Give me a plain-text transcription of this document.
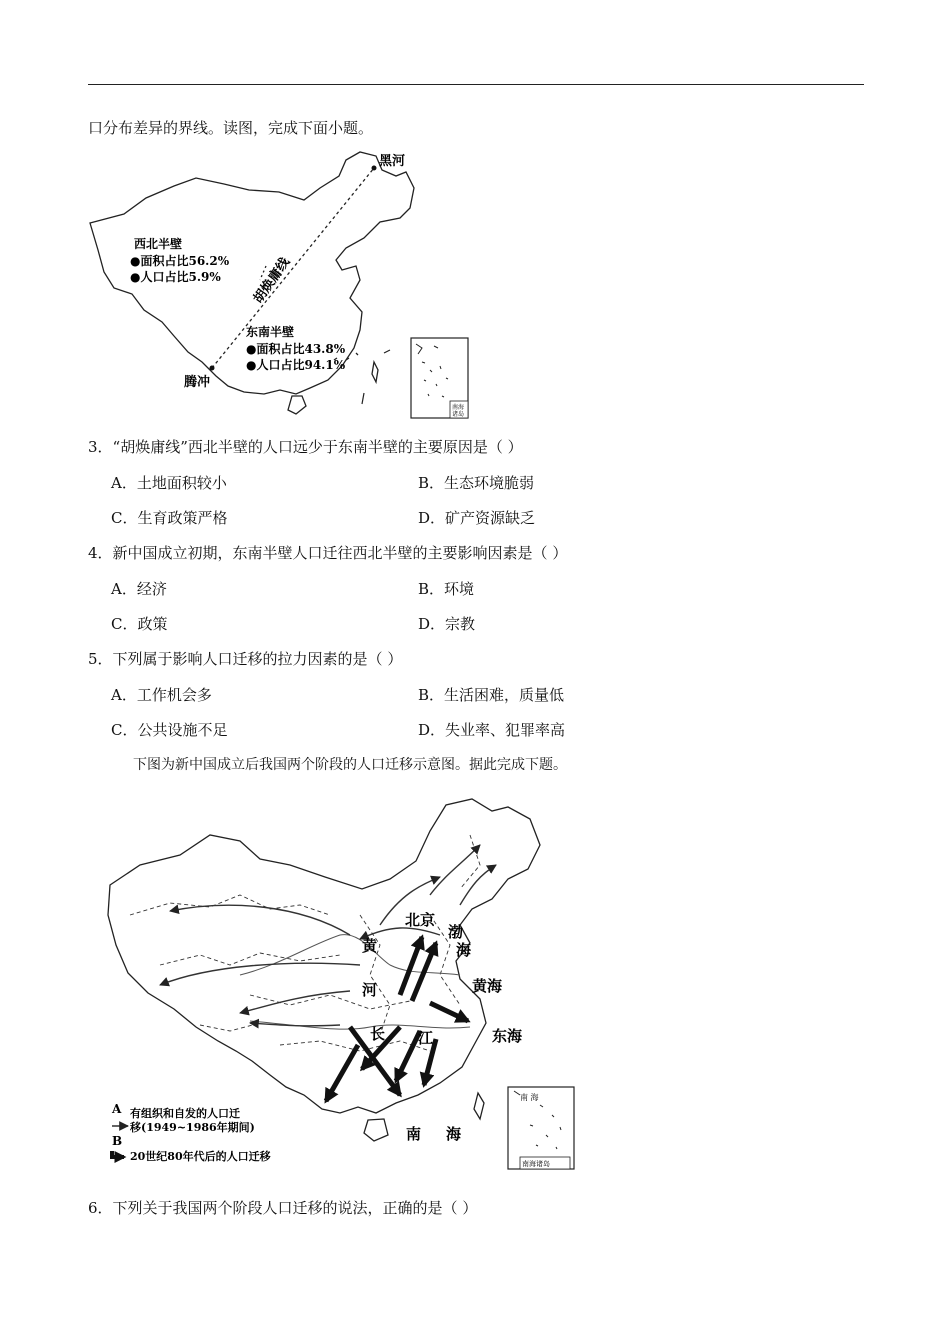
口分布差异的界线。读图，完成下面小题。
黑河
腾冲
胡焕庸线
西北半壁
●面积占比56.2%
●人口占比5.9%
东南半壁
●面积占比43.8%
●人口占比94.1%
南海
诸岛
3．“胡焕庸线”西北半壁的人口远少于东南半壁的主要原因是（ ）
A．土地面积较小	B．生态环境脆弱
C．生育政策严格	D．矿产资源缺乏
4．新中国成立初期，东南半壁人口迁往西北半壁的主要影响因素是（ ）
A．经济	B．环境
C．政策	D．宗教
5．下列属于影响人口迁移的拉力因素的是（ ）
A．工作机会多	B．生活困难，质量低
C．公共设施不足	D．失业率、犯罪率高
下图为新中国成立后我国两个阶段的人口迁移示意图。据此完成下题。
北京
渤
海
黄海
东海
南 海
黄
河
长 江
A 有组织和自发的人口迁
移(1949~1986年期间)
B
20世纪80年代后的人口迁移
南 海
南海诸岛
6．下列关于我国两个阶段人口迁移的说法，正确的是（ ）
